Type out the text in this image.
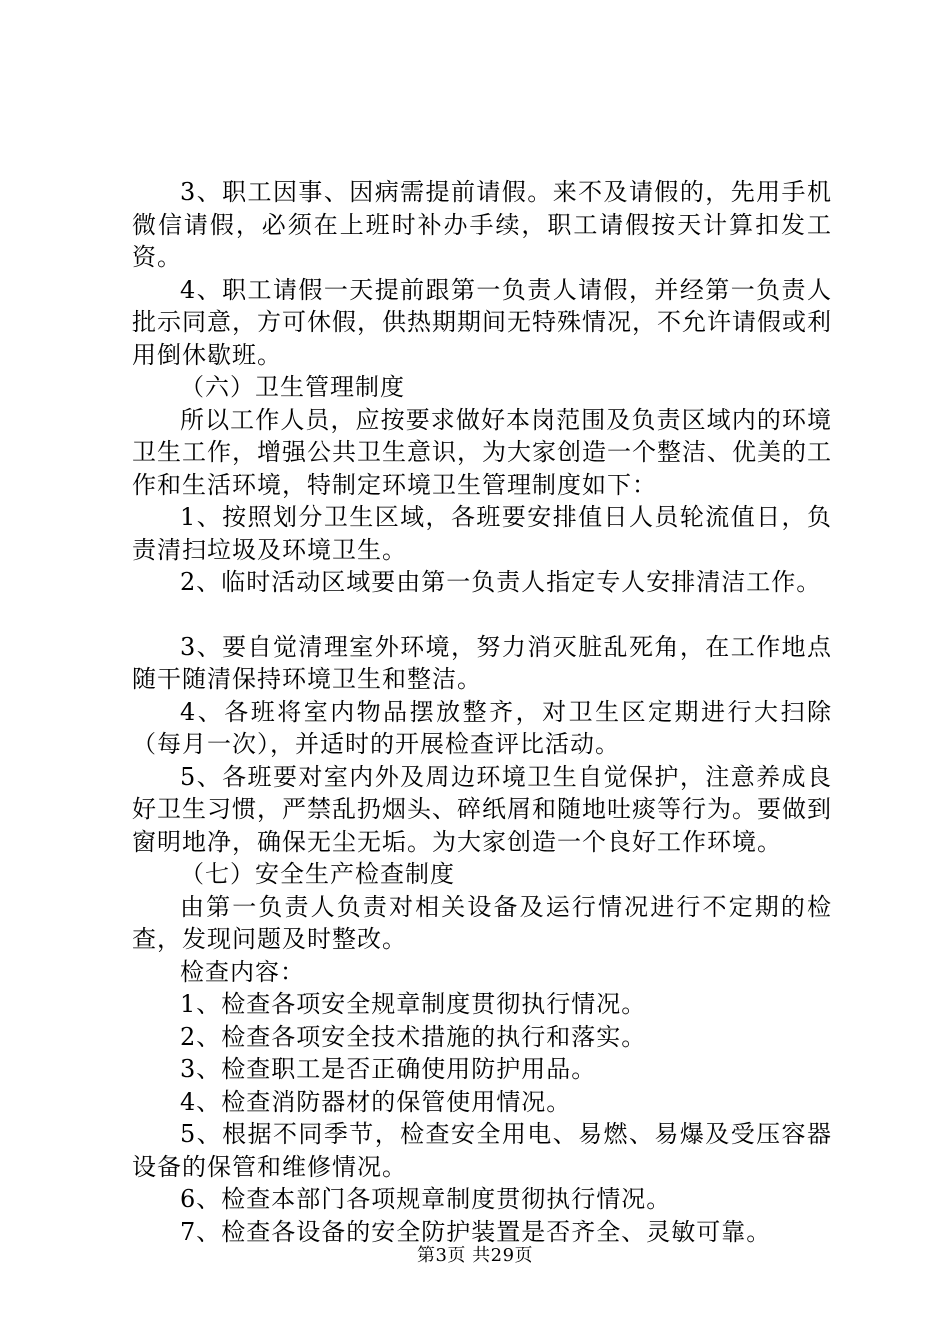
3、职工因事、因病需提前请假。来不及请假的，先用手机微信请假，必须在上班时补办手续，职工请假按天计算扣发工资。

4、职工请假一天提前跟第一负责人请假，并经第一负责人批示同意，方可休假，供热期期间无特殊情况，不允许请假或利用倒休歇班。

（六）卫生管理制度

所以工作人员，应按要求做好本岗范围及负责区域内的环境卫生工作，增强公共卫生意识，为大家创造一个整洁、优美的工作和生活环境，特制定环境卫生管理制度如下：

1、按照划分卫生区域，各班要安排值日人员轮流值日，负责清扫垃圾及环境卫生。

2、临时活动区域要由第一负责人指定专人安排清洁工作。

3、要自觉清理室外环境，努力消灭脏乱死角，在工作地点随干随清保持环境卫生和整洁。

4、各班将室内物品摆放整齐，对卫生区定期进行大扫除（每月一次），并适时的开展检查评比活动。

5、各班要对室内外及周边环境卫生自觉保护，注意养成良好卫生习惯，严禁乱扔烟头、碎纸屑和随地吐痰等行为。要做到窗明地净，确保无尘无垢。为大家创造一个良好工作环境。

（七）安全生产检查制度

由第一负责人负责对相关设备及运行情况进行不定期的检查，发现问题及时整改。

检查内容：

1、检查各项安全规章制度贯彻执行情况。

2、检查各项安全技术措施的执行和落实。

3、检查职工是否正确使用防护用品。

4、检查消防器材的保管使用情况。

5、根据不同季节，检查安全用电、易燃、易爆及受压容器设备的保管和维修情况。

6、检查本部门各项规章制度贯彻执行情况。

7、检查各设备的安全防护装置是否齐全、灵敏可靠。

第3页 共29页
